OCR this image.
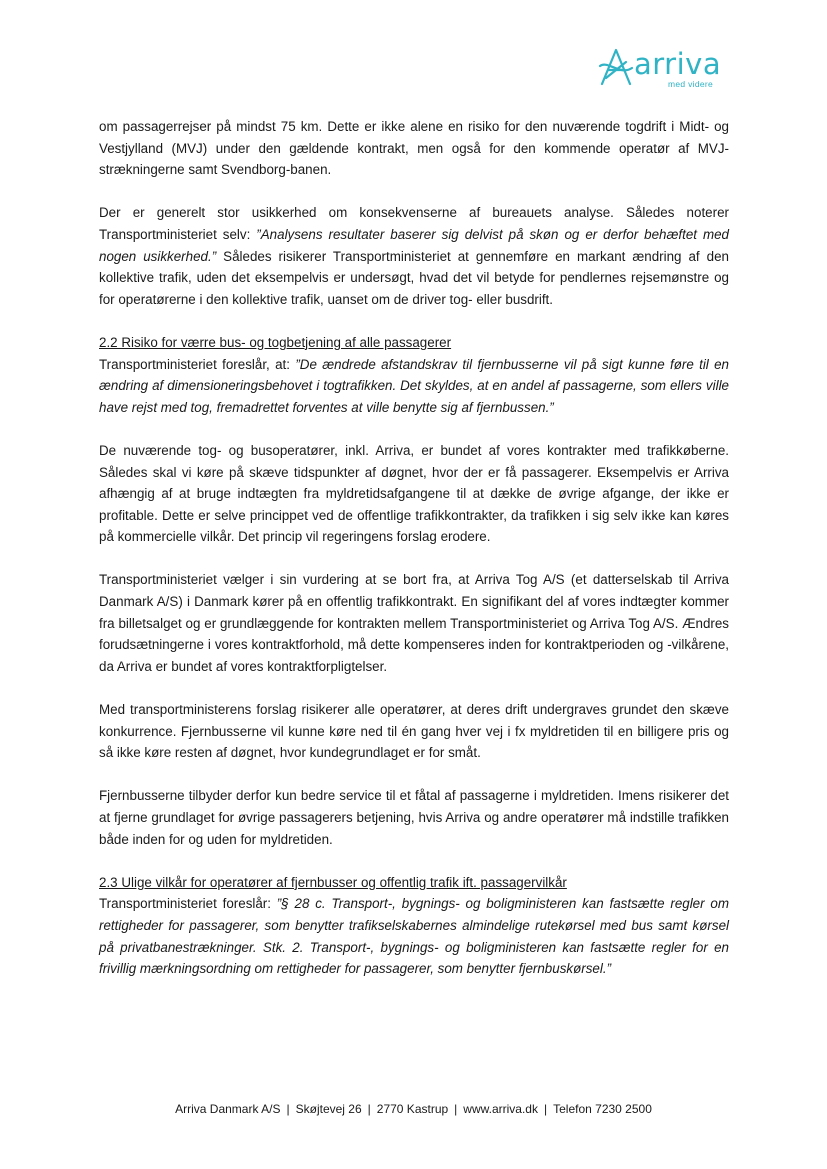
arriva
med videre

om passagerrejser på mindst 75 km. Dette er ikke alene en risiko for den nuværende togdrift i Midt- og Vestjylland (MVJ) under den gældende kontrakt, men også for den kommende operatør af MVJ-strækningerne samt Svendborg-banen.

Der er generelt stor usikkerhed om konsekvenserne af bureauets analyse. Således noterer Transportministeriet selv: ”Analysens resultater baserer sig delvist på skøn og er derfor behæftet med nogen usikkerhed.” Således risikerer Transportministeriet at gennemføre en markant ændring af den kollektive trafik, uden det eksempelvis er undersøgt, hvad det vil betyde for pendlernes rejsemønstre og for operatørerne i den kollektive trafik, uanset om de driver tog- eller busdrift.

2.2 Risiko for værre bus- og togbetjening af alle passagerer
Transportministeriet foreslår, at: ”De ændrede afstandskrav til fjernbusserne vil på sigt kunne føre til en ændring af dimensioneringsbehovet i togtrafikken. Det skyldes, at en andel af passagerne, som ellers ville have rejst med tog, fremadrettet forventes at ville benytte sig af fjernbussen.”

De nuværende tog- og busoperatører, inkl. Arriva, er bundet af vores kontrakter med trafikkøberne. Således skal vi køre på skæve tidspunkter af døgnet, hvor der er få passagerer. Eksempelvis er Arriva afhængig af at bruge indtægten fra myldretidsafgangene til at dække de øvrige afgange, der ikke er profitable. Dette er selve princippet ved de offentlige trafikkontrakter, da trafikken i sig selv ikke kan køres på kommercielle vilkår. Det princip vil regeringens forslag erodere.

Transportministeriet vælger i sin vurdering at se bort fra, at Arriva Tog A/S (et datterselskab til Arriva Danmark A/S) i Danmark kører på en offentlig trafikkontrakt. En signifikant del af vores indtægter kommer fra billetsalget og er grundlæggende for kontrakten mellem Transportministeriet og Arriva Tog A/S. Ændres forudsætningerne i vores kontraktforhold, må dette kompenseres inden for kontraktperioden og -vilkårene, da Arriva er bundet af vores kontraktforpligtelser.

Med transportministerens forslag risikerer alle operatører, at deres drift undergraves grundet den skæve konkurrence. Fjernbusserne vil kunne køre ned til én gang hver vej i fx myldretiden til en billigere pris og så ikke køre resten af døgnet, hvor kundegrundlaget er for småt.

Fjernbusserne tilbyder derfor kun bedre service til et fåtal af passagerne i myldretiden. Imens risikerer det at fjerne grundlaget for øvrige passagerers betjening, hvis Arriva og andre operatører må indstille trafikken både inden for og uden for myldretiden.

2.3 Ulige vilkår for operatører af fjernbusser og offentlig trafik ift. passagervilkår
Transportministeriet foreslår: ”§ 28 c. Transport-, bygnings- og boligministeren kan fastsætte regler om rettigheder for passagerer, som benytter trafikselskabernes almindelige rutekørsel med bus samt kørsel på privatbanestrækninger. Stk. 2. Transport-, bygnings- og boligministeren kan fastsætte regler for en frivillig mærkningsordning om rettigheder for passagerer, som benytter fjernbuskørsel.”

Arriva Danmark A/S | Skøjtevej 26 | 2770 Kastrup | www.arriva.dk | Telefon 7230 2500
